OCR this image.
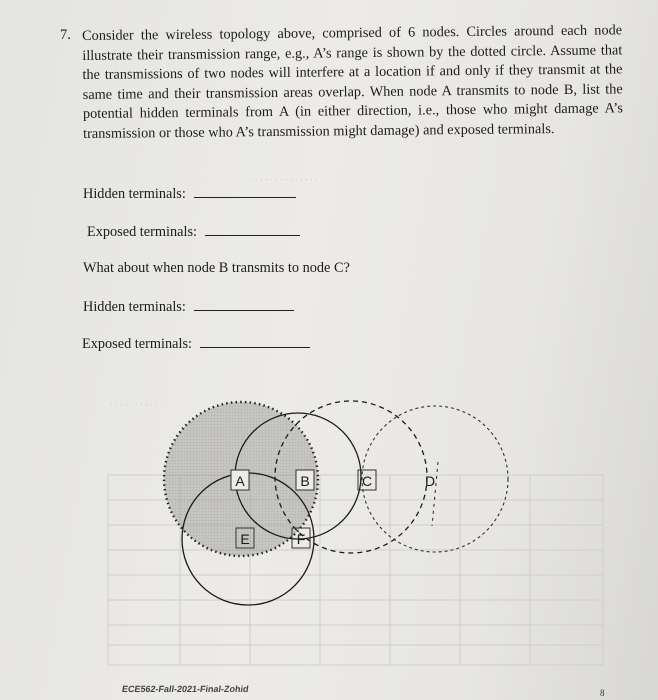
. . . . . . . . . . . . . .
. . . . . . . . . .
7. Consider the wireless topology above, comprised of 6 nodes. Circles around each node illustrate their transmission range, e.g., A’s range is shown by the dotted circle. Assume that the transmissions of two nodes will interfere at a location if and only if they transmit at the same time and their transmission areas overlap. When node A transmits to node B, list the potential hidden terminals from A (in either direction, i.e., those who might damage A’s transmission or those who A’s transmission might damage) and exposed terminals.
Hidden terminals:
Exposed terminals:
What about when node B transmits to node C?
Hidden terminals:
Exposed terminals:
A	B	C	D
E	F
ECE562-Fall-2021-Final-Zohid	8
